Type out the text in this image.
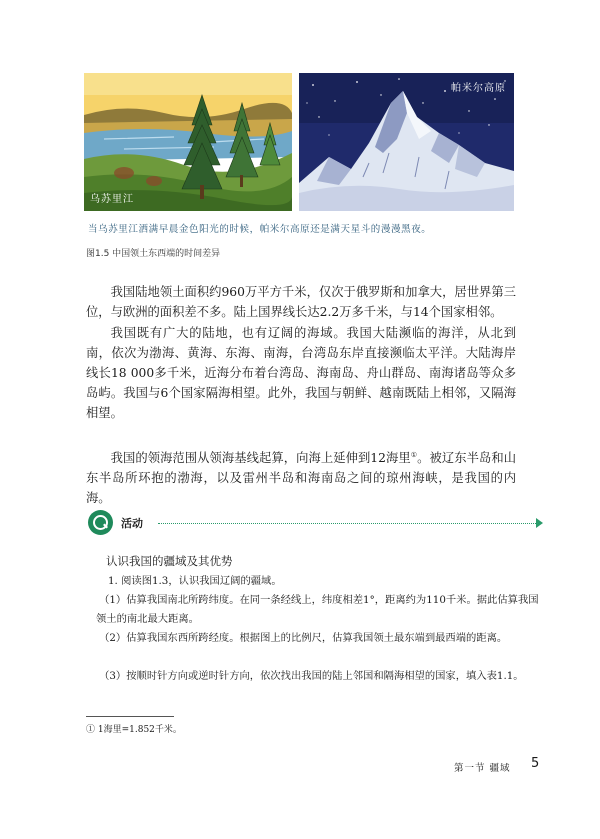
乌苏里江
帕米尔高原
当乌苏里江洒满早晨金色阳光的时候，帕米尔高原还是满天星斗的漫漫黑夜。
图1.5 中国领土东西端的时间差异

我国陆地领土面积约960万平方千米，仅次于俄罗斯和加拿大，居世界第三位，与欧洲的面积差不多。陆上国界线长达2.2万多千米，与14个国家相邻。

我国既有广大的陆地，也有辽阔的海域。我国大陆濒临的海洋，从北到南，依次为渤海、黄海、东海、南海，台湾岛东岸直接濒临太平洋。大陆海岸线长18 000多千米，近海分布着台湾岛、海南岛、舟山群岛、南海诸岛等众多岛屿。我国与6个国家隔海相望。此外，我国与朝鲜、越南既陆上相邻，又隔海相望。

我国的领海范围从领海基线起算，向海上延伸到12海里①。被辽东半岛和山东半岛所环抱的渤海，以及雷州半岛和海南岛之间的琼州海峡，是我国的内海。

活动
认识我国的疆域及其优势

1. 阅读图1.3，认识我国辽阔的疆域。

（1）估算我国南北所跨纬度。在同一条经线上，纬度相差1°，距离约为110千米。据此估算我国领土的南北最大距离。

（2）估算我国东西所跨经度。根据图上的比例尺，估算我国领土最东端到最西端的距离。

（3）按顺时针方向或逆时针方向，依次找出我国的陆上邻国和隔海相望的国家，填入表1.1。

① 1海里=1.852千米。
第一节 疆域 5
